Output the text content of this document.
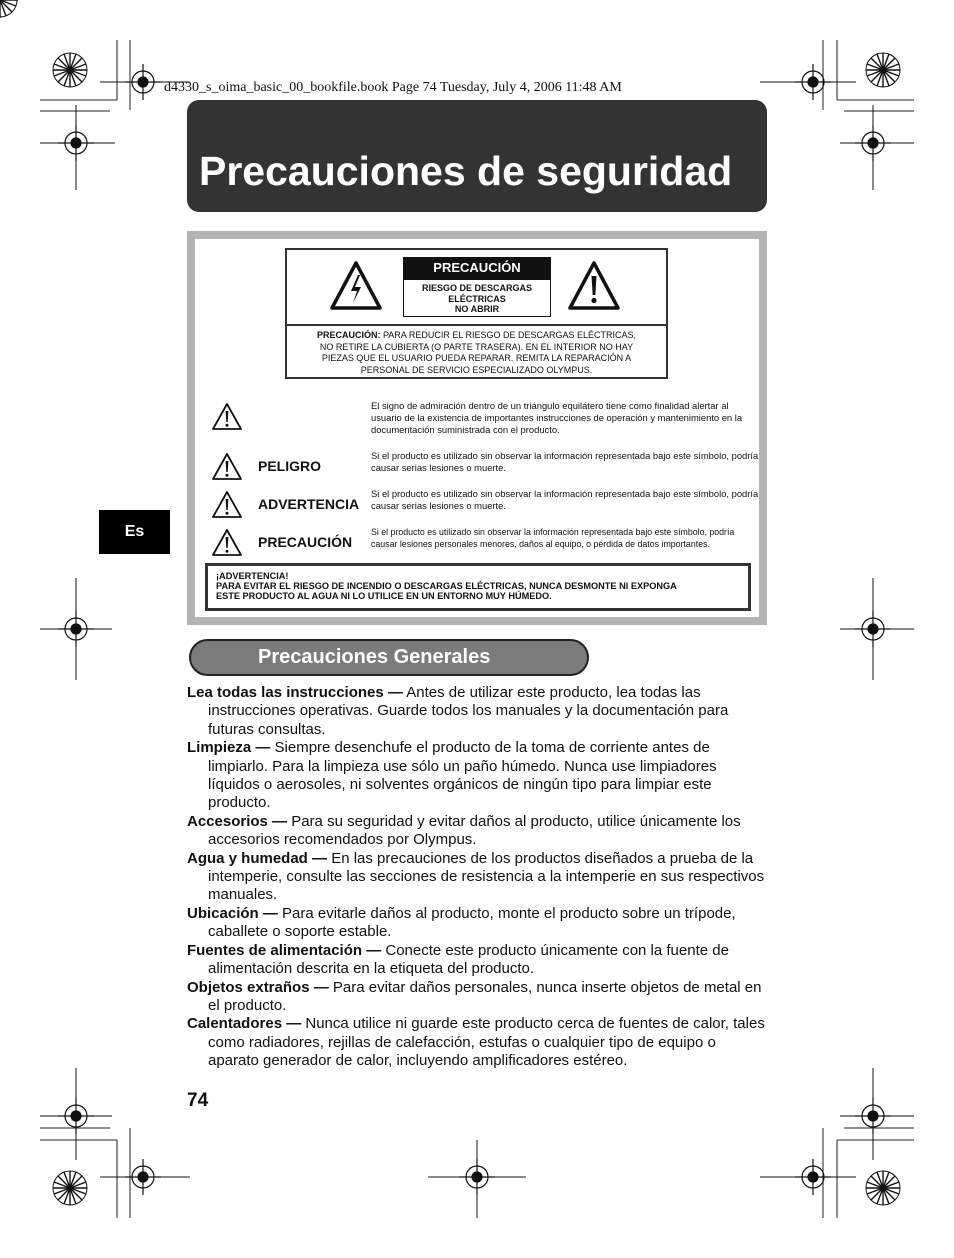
d4330_s_oima_basic_00_bookfile.book Page 74 Tuesday, July 4, 2006 11:48 AM
Precauciones de seguridad
Es
PRECAUCIÓN
RIESGO DE DESCARGAS
ELÉCTRICAS
NO ABRIR
PRECAUCIÓN: PARA REDUCIR EL RIESGO DE DESCARGAS ELÉCTRICAS,
NO RETIRE LA CUBIERTA (O PARTE TRASERA). EN EL INTERIOR NO HAY
PIEZAS QUE EL USUARIO PUEDA REPARAR. REMITA LA REPARACIÓN A
PERSONAL DE SERVICIO ESPECIALIZADO OLYMPUS.
El signo de admiración dentro de un triángulo equilátero tiene como finalidad alertar al usuario de la existencia de importantes instrucciones de operación y mantenimiento en la documentación suministrada con el producto.
PELIGRO
Si el producto es utilizado sin observar la información representada bajo este símbolo, podría causar serias lesiones o muerte.
ADVERTENCIA
Si el producto es utilizado sin observar la información representada bajo este símbolo, podría causar serias lesiones o muerte.
PRECAUCIÓN
Si el producto es utilizado sin observar la información representada bajo este símbolo, podría causar lesiones personales menores, daños al equipo, o pérdida de datos importantes.
¡ADVERTENCIA!
PARA EVITAR EL RIESGO DE INCENDIO O DESCARGAS ELÉCTRICAS, NUNCA DESMONTE NI EXPONGA
ESTE PRODUCTO AL AGUA NI LO UTILICE EN UN ENTORNO MUY HÚMEDO.
Precauciones Generales

Lea todas las instrucciones — Antes de utilizar este producto, lea todas las instrucciones operativas. Guarde todos los manuales y la documentación para futuras consultas.

Limpieza — Siempre desenchufe el producto de la toma de corriente antes de limpiarlo. Para la limpieza use sólo un paño húmedo. Nunca use limpiadores líquidos o aerosoles, ni solventes orgánicos de ningún tipo para limpiar este producto.

Accesorios — Para su seguridad y evitar daños al producto, utilice únicamente los accesorios recomendados por Olympus.

Agua y humedad — En las precauciones de los productos diseñados a prueba de la intemperie, consulte las secciones de resistencia a la intemperie en sus respectivos manuales.

Ubicación — Para evitarle daños al producto, monte el producto sobre un trípode, caballete o soporte estable.

Fuentes de alimentación — Conecte este producto únicamente con la fuente de alimentación descrita en la etiqueta del producto.

Objetos extraños — Para evitar daños personales, nunca inserte objetos de metal en el producto.

Calentadores — Nunca utilice ni guarde este producto cerca de fuentes de calor, tales como radiadores, rejillas de calefacción, estufas o cualquier tipo de equipo o aparato generador de calor, incluyendo amplificadores estéreo.

74
